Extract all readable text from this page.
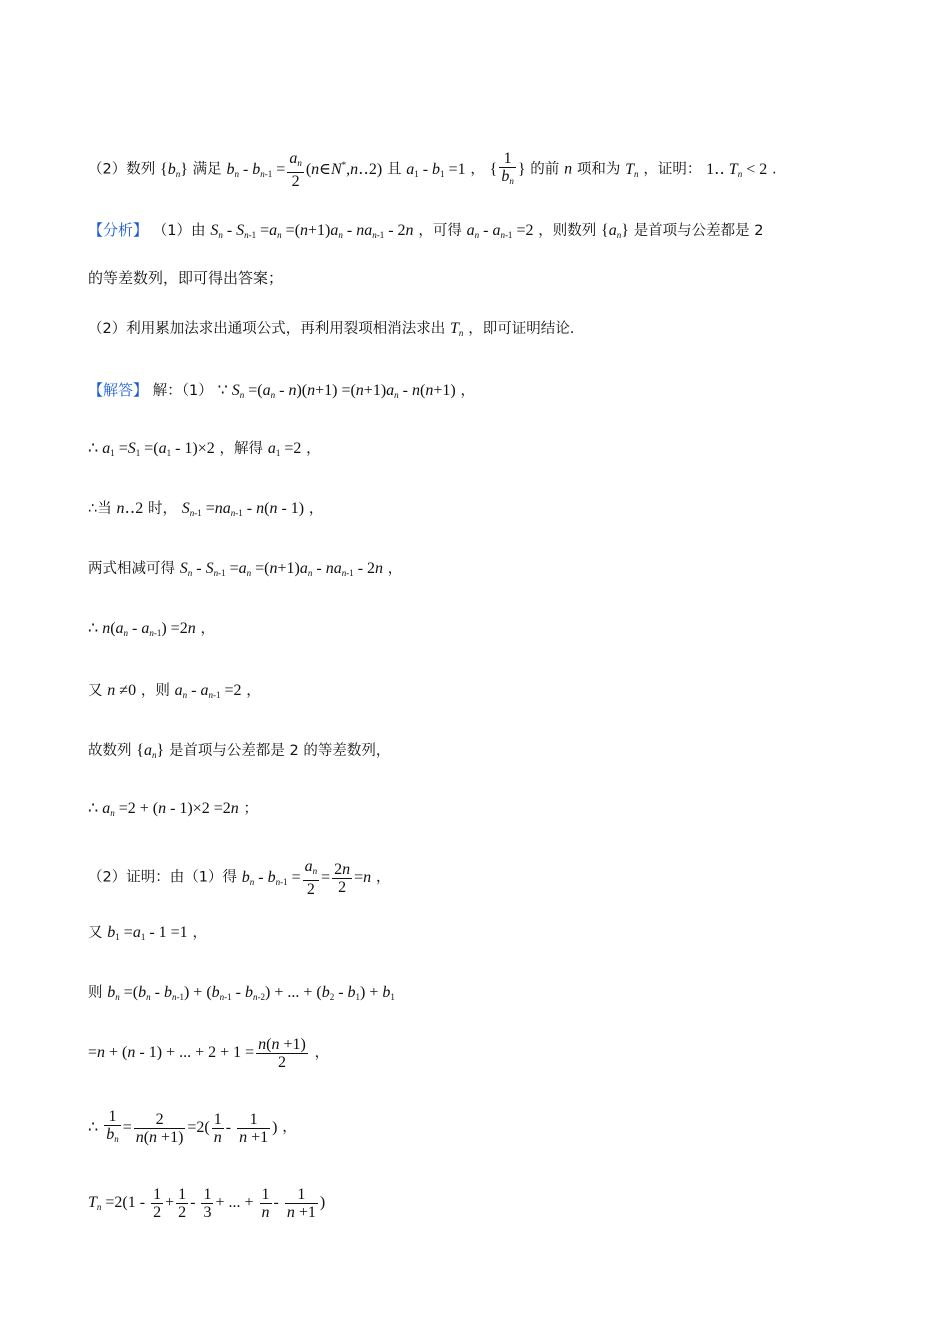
（2）数列 $\{b_n\}$ 满足 $b_n - b_{n-1} = \frac{a_n}{2}$ (n∈N*,n‥2) 且 $a_1 - b_1 =1$ ， { $\frac{1}{b_n}$ } 的前 n 项和为 $T_n$ ，证明： 1‥ $T_n < 2$ .
【分析】 （1）由 $S_n - S_{n-1} =a_n =(n+1)a_n - na_{n-1} - 2n$ ，可得 $a_n - a_{n-1} =2$ ，则数列 $\{a_n\}$ 是首项与公差都是 2
的等差数列，即可得出答案；
（2）利用累加法求出通项公式，再利用裂项相消法求出 $T_n$ ，即可证明结论.
【解答】 解：（1） ∵ $S_n =(a_n - n)(n+1) =(n+1)a_n - n(n+1)$ ，
∴ $a_1 =S_1 =(a_1 - 1)\times 2$ ，解得 $a_1 =2$ ，
∴当 n‥2 时， $S_{n-1} =na_{n-1} - n(n - 1)$ ，
两式相减可得 $S_n - S_{n-1} =a_n =(n+1)a_n - na_{n-1} - 2n$ ，
∴ $n(a_n - a_{n-1}) =2n$ ，
又 n ≠0 ，则 $a_n - a_{n-1} =2$ ，
故数列 $\{a_n\}$ 是首项与公差都是 2 的等差数列，
∴ $a_n =2 + (n - 1)\times 2 =2n$ ；
（2）证明：由（1）得 $b_n - b_{n-1} = \frac{a_n}{2} = \frac{2n}{2} =n$ ，
又 $b_1 =a_1 - 1 =1$ ，
则 $b_n =(b_n - b_{n-1}) + (b_{n-1} - b_{n-2})$ + ... + $(b_2 - b_1) + b_1$
=n + (n - 1) + ... + $2 + 1 = \frac{n(n +1)}{2}$ ，
∴ $\frac{1}{b_n} = \frac{2}{n(n +1)} =2( \frac{1}{n} - \frac{1}{n +1}$ ) ，
$T_n =2(1 - \frac{1}{2} + \frac{1}{2} - \frac{1}{3}$ + ... + $\frac{1}{n} - \frac{1}{n +1}$ )
